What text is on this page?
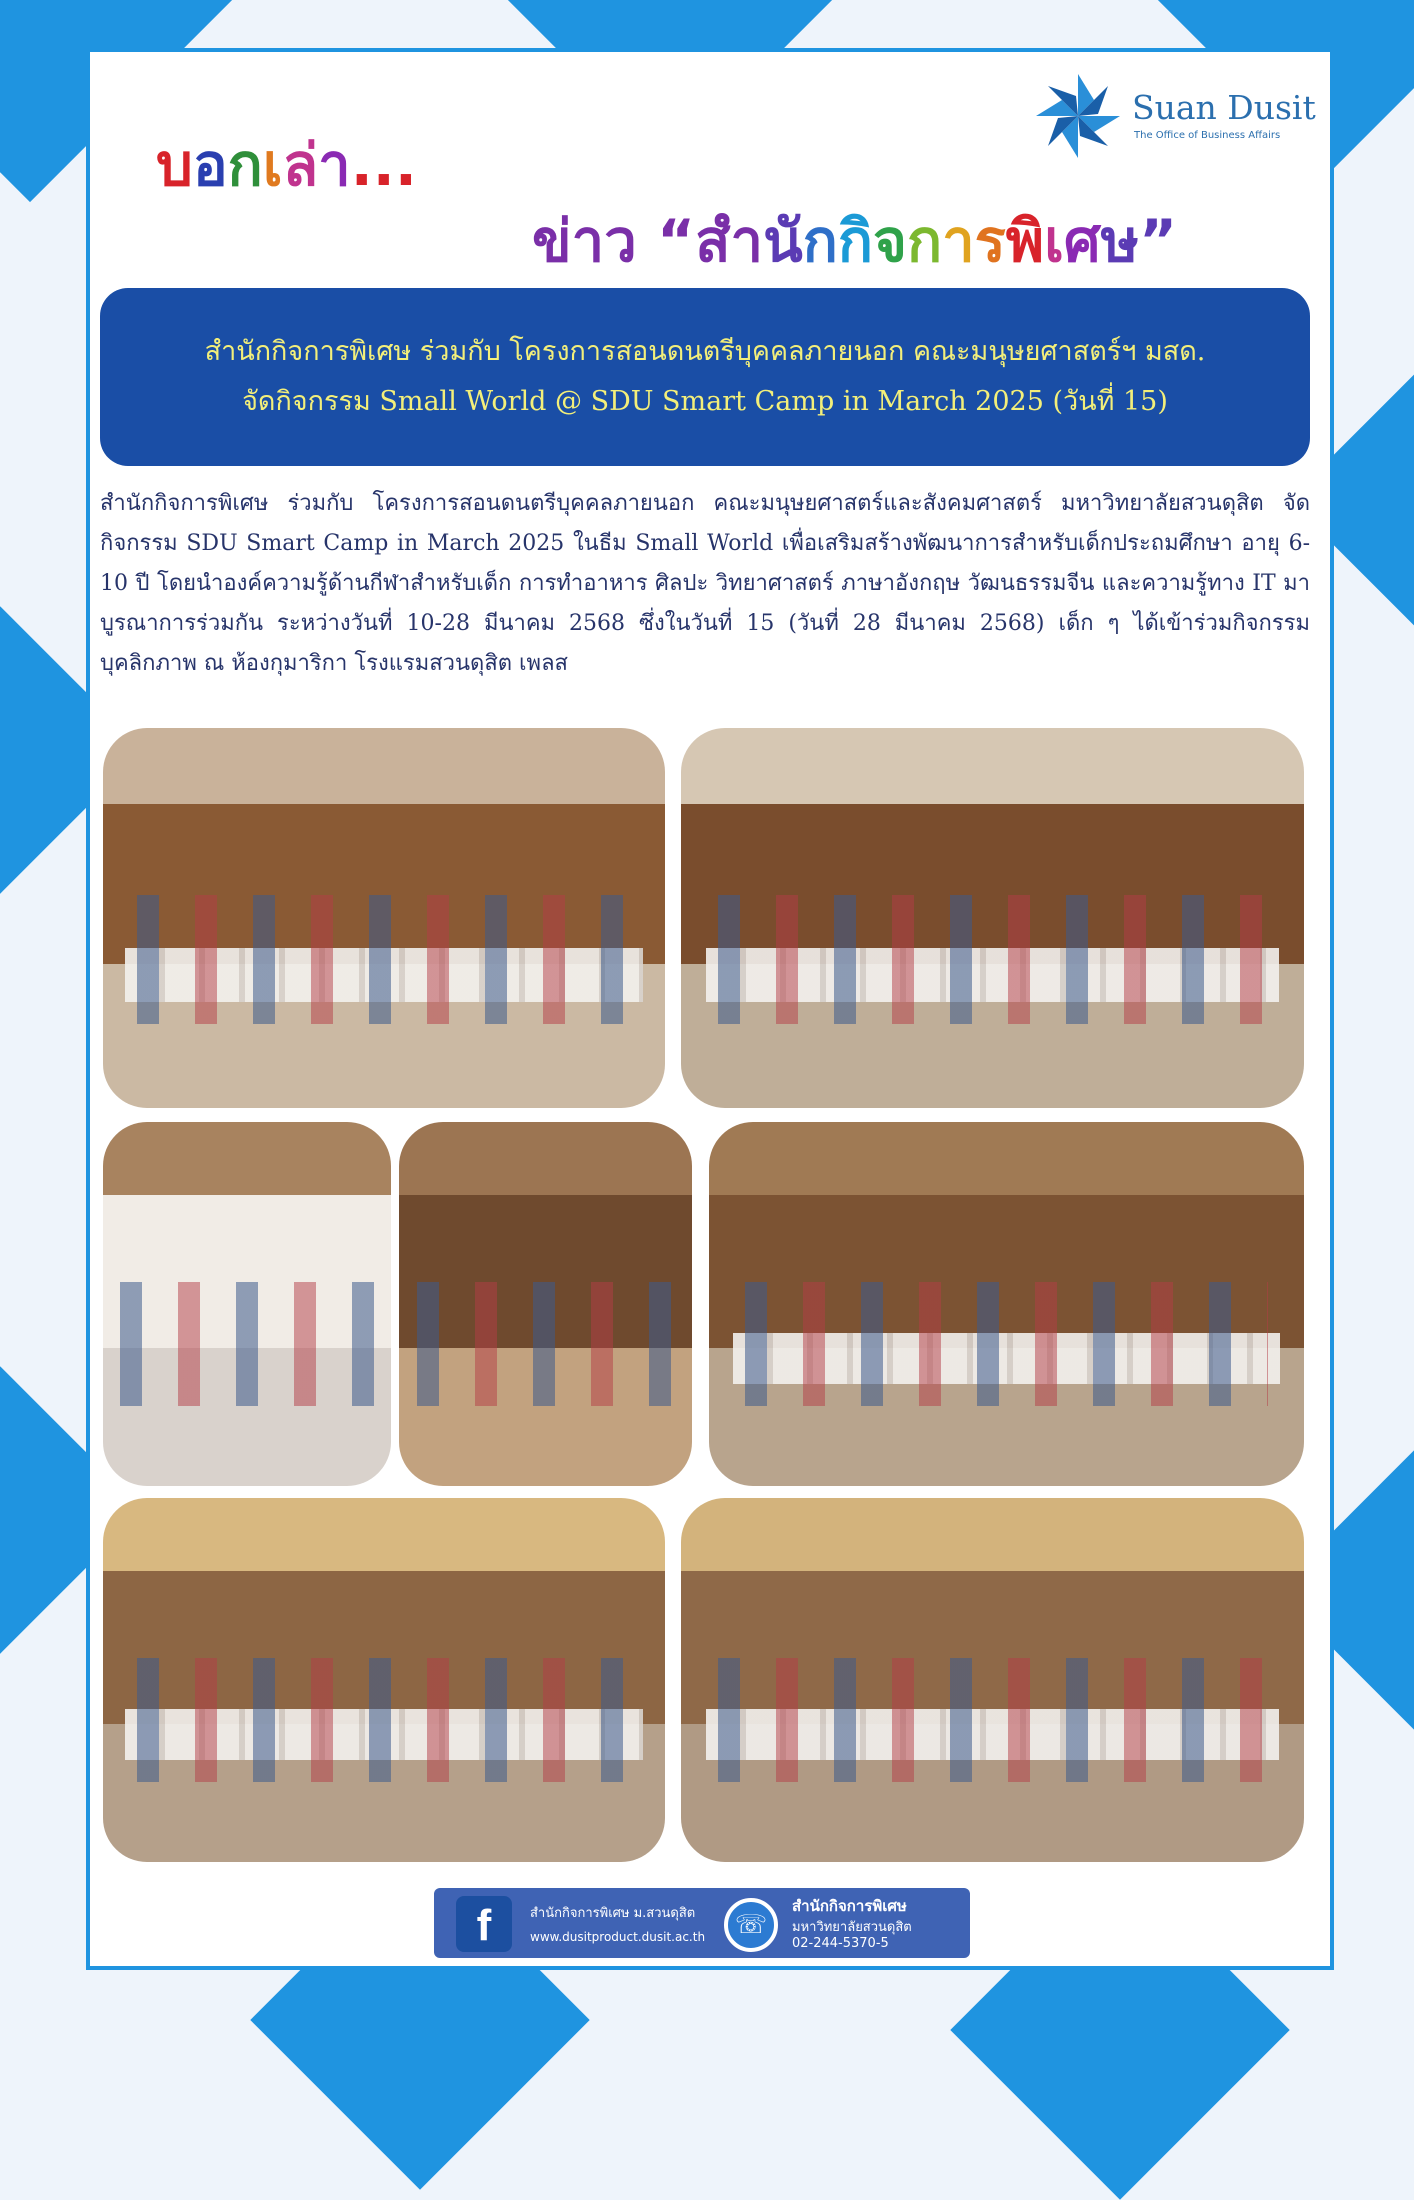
Suan Dusit
The Office of Business Affairs
บอกเล่า...
ข่าว “สำนักกิจการพิเศษ”
สำนักกิจการพิเศษ ร่วมกับ โครงการสอนดนตรีบุคคลภายนอก คณะมนุษยศาสตร์ฯ มสด.
จัดกิจกรรม Small World @ SDU Smart Camp in March 2025 (วันที่ 15)
สำนักกิจการพิเศษ ร่วมกับ โครงการสอนดนตรีบุคคลภายนอก คณะมนุษยศาสตร์และสังคมศาสตร์ มหาวิทยาลัยสวนดุสิต จัดกิจกรรม SDU Smart Camp in March 2025 ในธีม Small World เพื่อเสริมสร้างพัฒนาการสำหรับเด็กประถมศึกษา อายุ 6-10 ปี โดยนำองค์ความรู้ด้านกีฬาสำหรับเด็ก การทำอาหาร ศิลปะ วิทยาศาสตร์ ภาษาอังกฤษ วัฒนธรรมจีน และความรู้ทาง IT มาบูรณาการร่วมกัน ระหว่างวันที่ 10-28 มีนาคม 2568 ซึ่งในวันที่ 15 (วันที่ 28 มีนาคม 2568) เด็ก ๆ ได้เข้าร่วมกิจกรรมบุคลิกภาพ ณ ห้องกุมาริกา โรงแรมสวนดุสิต เพลส
f	สำนักกิจการพิเศษ ม.สวนดุสิต
www.dusitproduct.dusit.ac.th	☏
สำนักกิจการพิเศษ
มหาวิทยาลัยสวนดุสิต
02-244-5370-5
